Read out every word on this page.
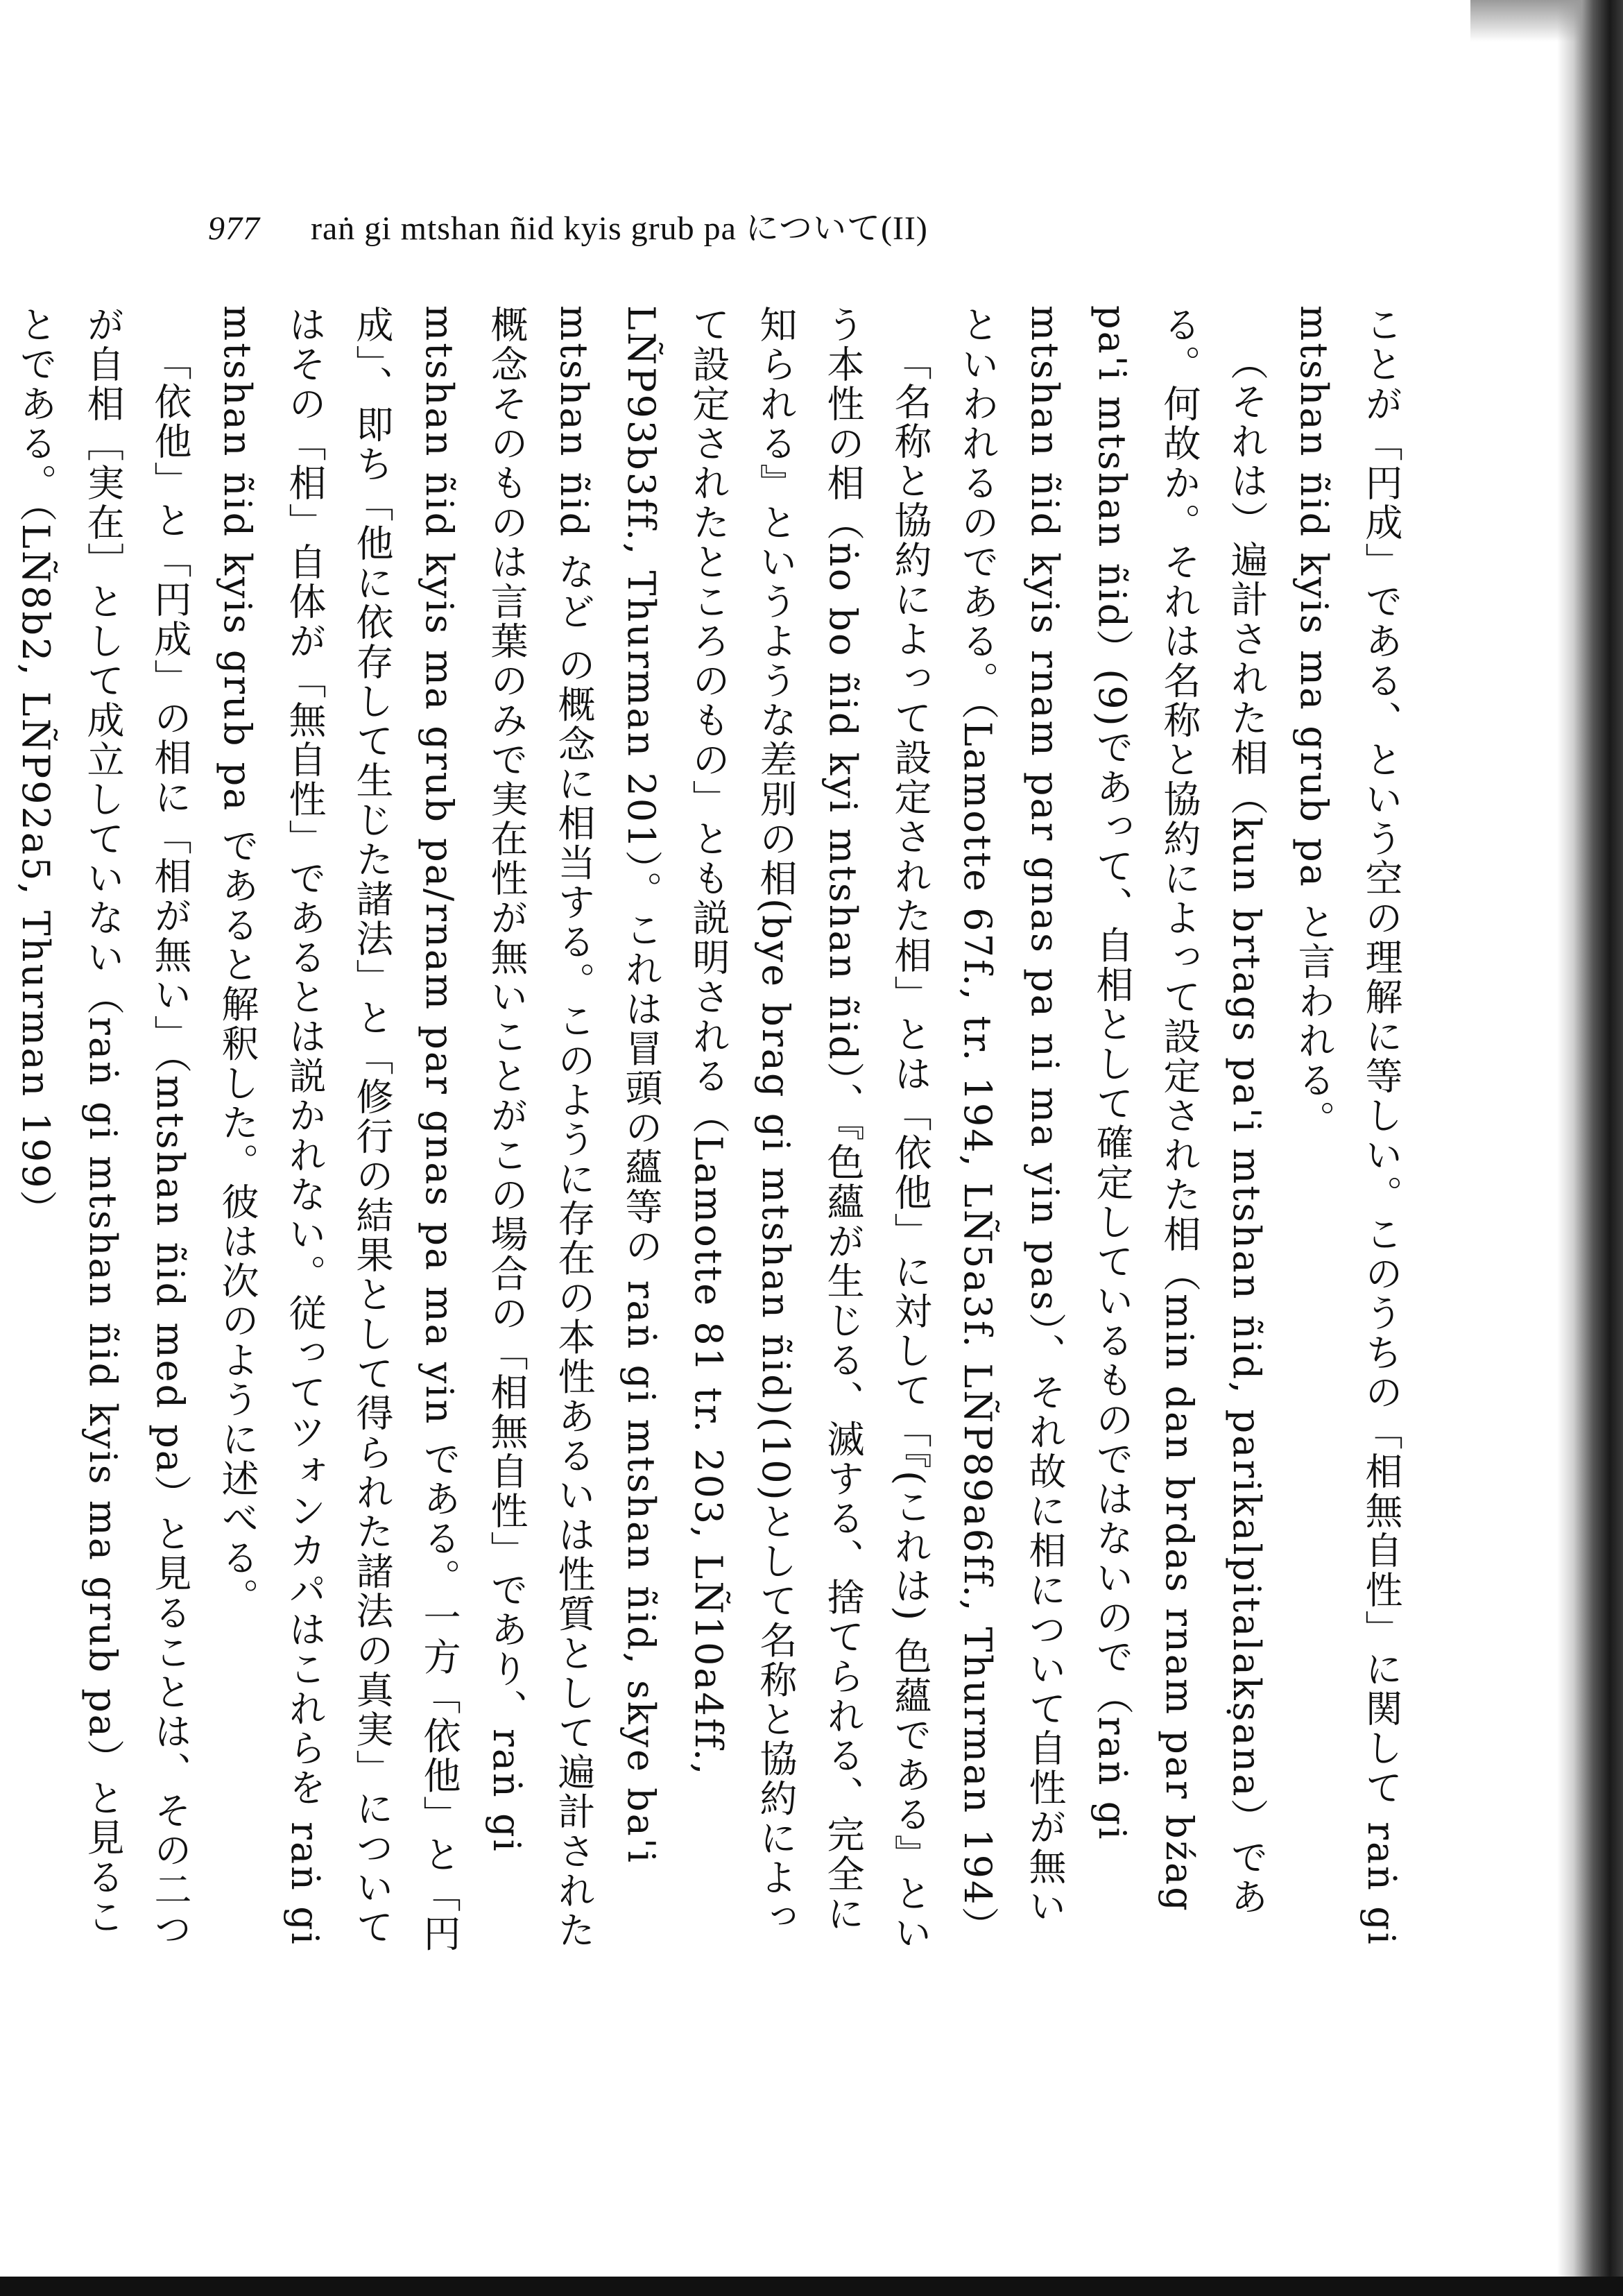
977 raṅ gi mtshan ñid kyis grub pa について(II)

ことが「円成」である、という空の理解に等しい。このうちの「相無自性」に関して raṅ gi mtshan ñid kyis ma grub pa と言われる。

（それは）遍計された相（kun brtags pa'i mtshan ñid, parikalpitalakṣana）である。何故か。それは名称と協約によって設定された相（min dan brdas rnam par bźag pa'i mtshan ñid）(9)であって、自相として確定しているものではないので（raṅ gi mtshan ñid kyis rnam par gnas pa ni ma yin pas）、それ故に相について自性が無いといわれるのである。（Lamotte 67f., tr. 194, LÑ5a3f. LÑP89a6ff., Thurman 194）

「名称と協約によって設定された相」とは「依他」に対して「『(これは) 色蘊である』という本性の相（ṅo bo ñid kyi mtshan ñid）、『色蘊が生じる、滅する、捨てられる、完全に知られる』というような差別の相(bye brag gi mtshan ñid)(10)として名称と協約によって設定されたところのもの」とも説明される（Lamotte 81 tr. 203, LÑ10a4ff., LÑP93b3ff., Thurman 201）。これは冒頭の蘊等の raṅ gi mtshan ñid, skye ba'i mtshan ñid など の概念に相当する。このように存在の本性あるいは性質として遍計された概念そのものは言葉のみで実在性が無いことがこの場合の「相無自性」であり、raṅ gi mtshan ñid kyis ma grub pa/rnam par gnas pa ma yin である。一方「依他」と「円成」、即ち「他に依存して生じた諸法」と「修行の結果として得られた諸法の真実」についてはその「相」自体が「無自性」であるとは説かれない。従ってツォンカパはこれらを raṅ gi mtshan ñid kyis grub pa であると解釈した。彼は次のように述べる。

「依他」と「円成」の相に「相が無い」（mtshan ñid med pa）と見ることは、その二つが自相［実在］として成立していない（raṅ gi mtshan ñid kyis ma grub pa）と見ることである。（LÑ8b2, LÑP92a5, Thurman 199）
